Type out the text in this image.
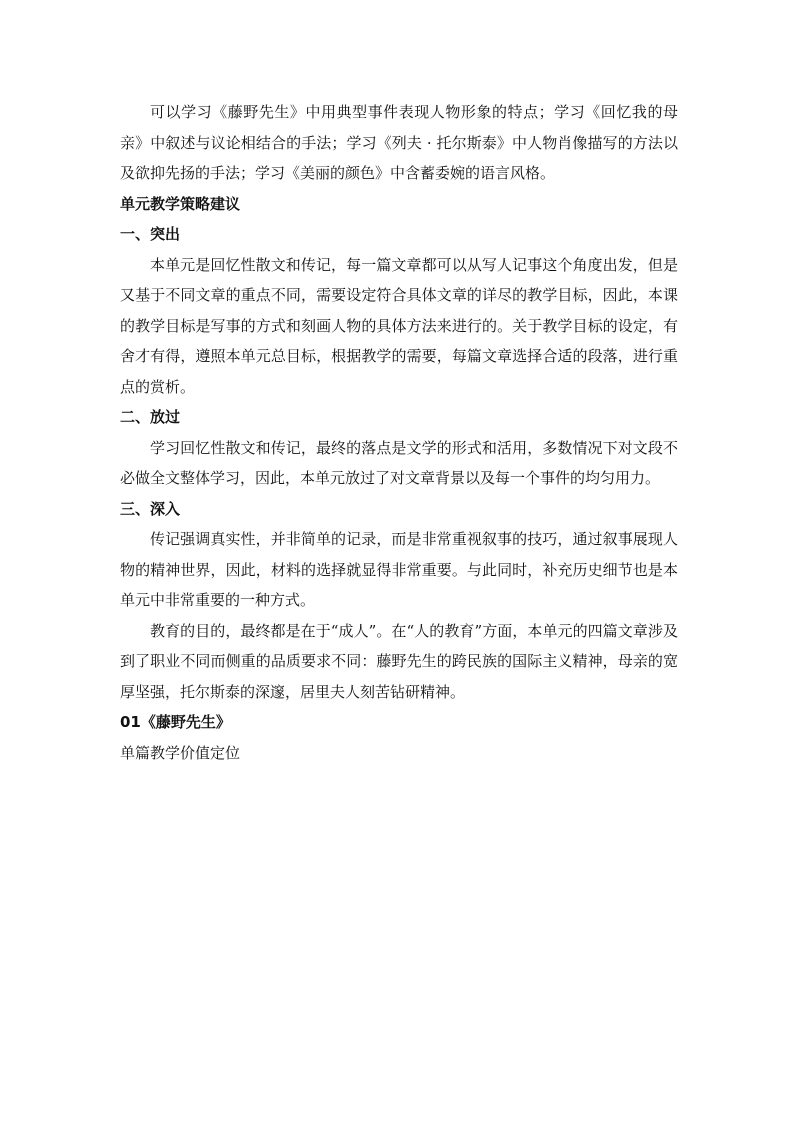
可以学习《藤野先生》中用典型事件表现人物形象的特点；学习《回忆我的母亲》中叙述与议论相结合的手法；学习《列夫 · 托尔斯泰》中人物肖像描写的方法以及欲抑先扬的手法；学习《美丽的颜色》中含蓄委婉的语言风格。

单元教学策略建议

一、突出

本单元是回忆性散文和传记，每一篇文章都可以从写人记事这个角度出发，但是又基于不同文章的重点不同，需要设定符合具体文章的详尽的教学目标，因此，本课的教学目标是写事的方式和刻画人物的具体方法来进行的。关于教学目标的设定，有舍才有得，遵照本单元总目标，根据教学的需要，每篇文章选择合适的段落，进行重点的赏析。

二、放过

学习回忆性散文和传记，最终的落点是文学的形式和活用，多数情况下对文段不必做全文整体学习，因此，本单元放过了对文章背景以及每一个事件的均匀用力。

三、深入

传记强调真实性，并非简单的记录，而是非常重视叙事的技巧，通过叙事展现人物的精神世界，因此，材料的选择就显得非常重要。与此同时，补充历史细节也是本单元中非常重要的一种方式。

教育的目的，最终都是在于“成人”。在“人的教育”方面，本单元的四篇文章涉及到了职业不同而侧重的品质要求不同：藤野先生的跨民族的国际主义精神，母亲的宽厚坚强，托尔斯泰的深邃，居里夫人刻苦钻研精神。

01《藤野先生》

单篇教学价值定位
